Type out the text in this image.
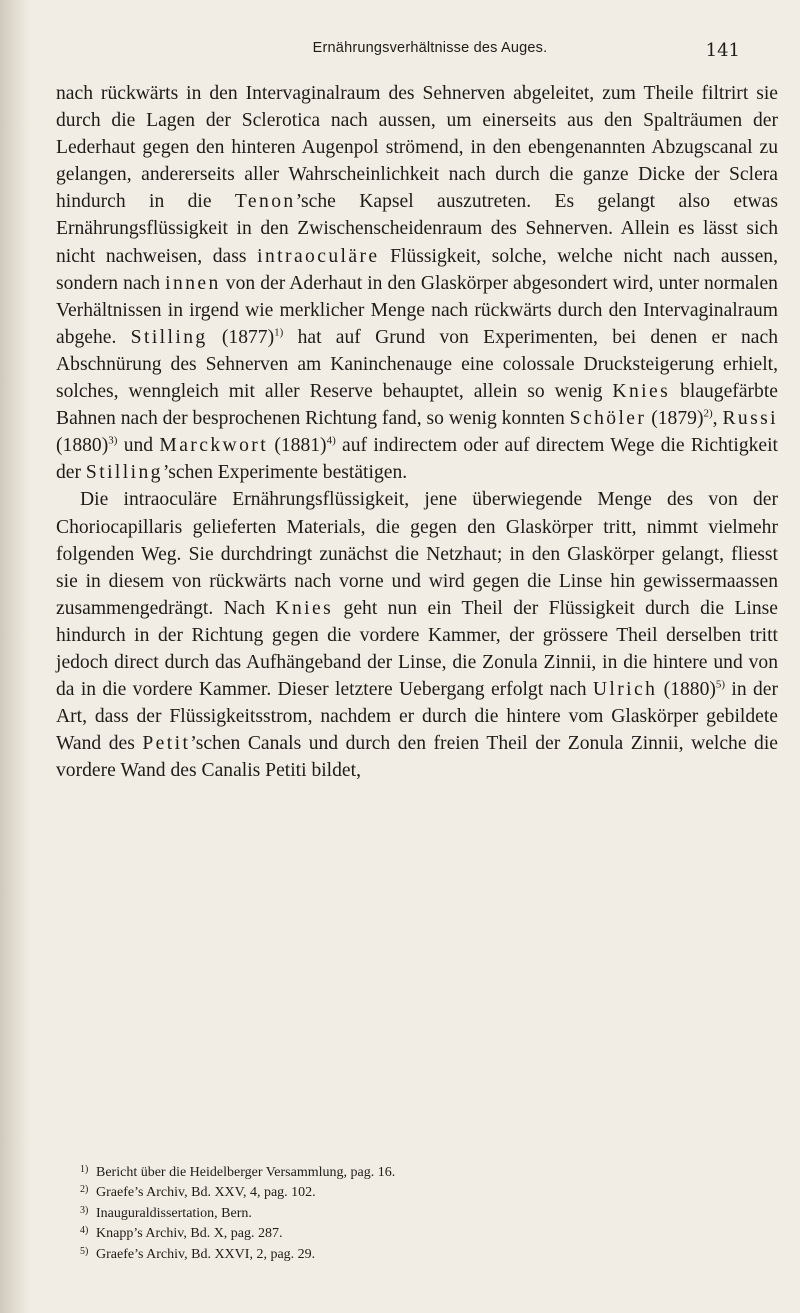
Ernährungsverhältnisse des Auges.	141

nach rückwärts in den Intervaginalraum des Sehnerven abgeleitet, zum Theile filtrirt sie durch die Lagen der Sclerotica nach aussen, um einerseits aus den Spalträumen der Lederhaut gegen den hinteren Augenpol strömend, in den ebengenannten Abzugscanal zu gelangen, andererseits aller Wahrscheinlichkeit nach durch die ganze Dicke der Sclera hindurch in die Tenon’sche Kapsel auszutreten. Es gelangt also etwas Ernährungsflüssigkeit in den Zwischenscheidenraum des Sehnerven. Allein es lässt sich nicht nachweisen, dass intraoculäre Flüssigkeit, solche, welche nicht nach aussen, sondern nach innen von der Aderhaut in den Glaskörper abgesondert wird, unter normalen Verhältnissen in irgend wie merklicher Menge nach rückwärts durch den Intervaginalraum abgehe. Stilling $(1877)^{1)}$ hat auf Grund von Experimenten, bei denen er nach Abschnürung des Sehnerven am Kaninchenauge eine colossale Drucksteigerung erhielt, solches, wenngleich mit aller Reserve behauptet, allein so wenig Knies blaugefärbte Bahnen nach der besprochenen Richtung fand, so wenig konnten Schöler $(1879)^{2)}$, Russi $(1880)^{3)}$ und Marckwort $(1881)^{4)}$ auf indirectem oder auf directem Wege die Richtigkeit der Stilling’schen Experimente bestätigen.

Die intraoculäre Ernährungsflüssigkeit, jene überwiegende Menge des von der Choriocapillaris gelieferten Materials, die gegen den Glaskörper tritt, nimmt vielmehr folgenden Weg. Sie durchdringt zunächst die Netzhaut; in den Glaskörper gelangt, fliesst sie in diesem von rückwärts nach vorne und wird gegen die Linse hin gewissermaassen zusammengedrängt. Nach Knies geht nun ein Theil der Flüssigkeit durch die Linse hindurch in der Richtung gegen die vordere Kammer, der grössere Theil derselben tritt jedoch direct durch das Aufhängeband der Linse, die Zonula Zinnii, in die hintere und von da in die vordere Kammer. Dieser letztere Uebergang erfolgt nach Ulrich $(1880)^{5)}$ in der Art, dass der Flüssigkeitsstrom, nachdem er durch die hintere vom Glaskörper gebildete Wand des Petit’schen Canals und durch den freien Theil der Zonula Zinnii, welche die vordere Wand des Canalis Petiti bildet,

1) Bericht über die Heidelberger Versammlung, pag. 16.
2) Graefe’s Archiv, Bd. XXV, 4, pag. 102.
3) Inauguraldissertation, Bern.
4) Knapp’s Archiv, Bd. X, pag. 287.
5) Graefe’s Archiv, Bd. XXVI, 2, pag. 29.
